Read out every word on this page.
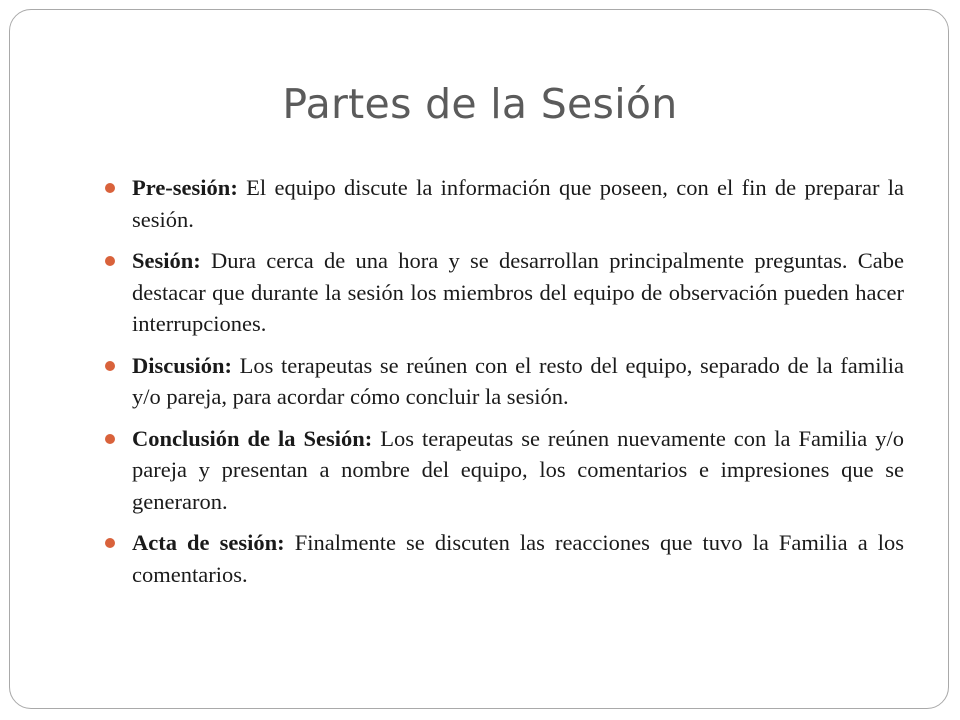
Partes de la Sesión
Pre-sesión: El equipo discute la información que poseen, con el fin de preparar la sesión.
Sesión: Dura cerca de una hora y se desarrollan principalmente preguntas. Cabe destacar que durante la sesión los miembros del equipo de observación pueden hacer interrupciones.
Discusión: Los terapeutas se reúnen con el resto del equipo, separado de la familia y/o pareja, para acordar cómo concluir la sesión.
Conclusión de la Sesión: Los terapeutas se reúnen nuevamente con la Familia y/o pareja y presentan a nombre del equipo, los comentarios e impresiones que se generaron.
Acta de sesión: Finalmente se discuten las reacciones que tuvo la Familia a los comentarios.
